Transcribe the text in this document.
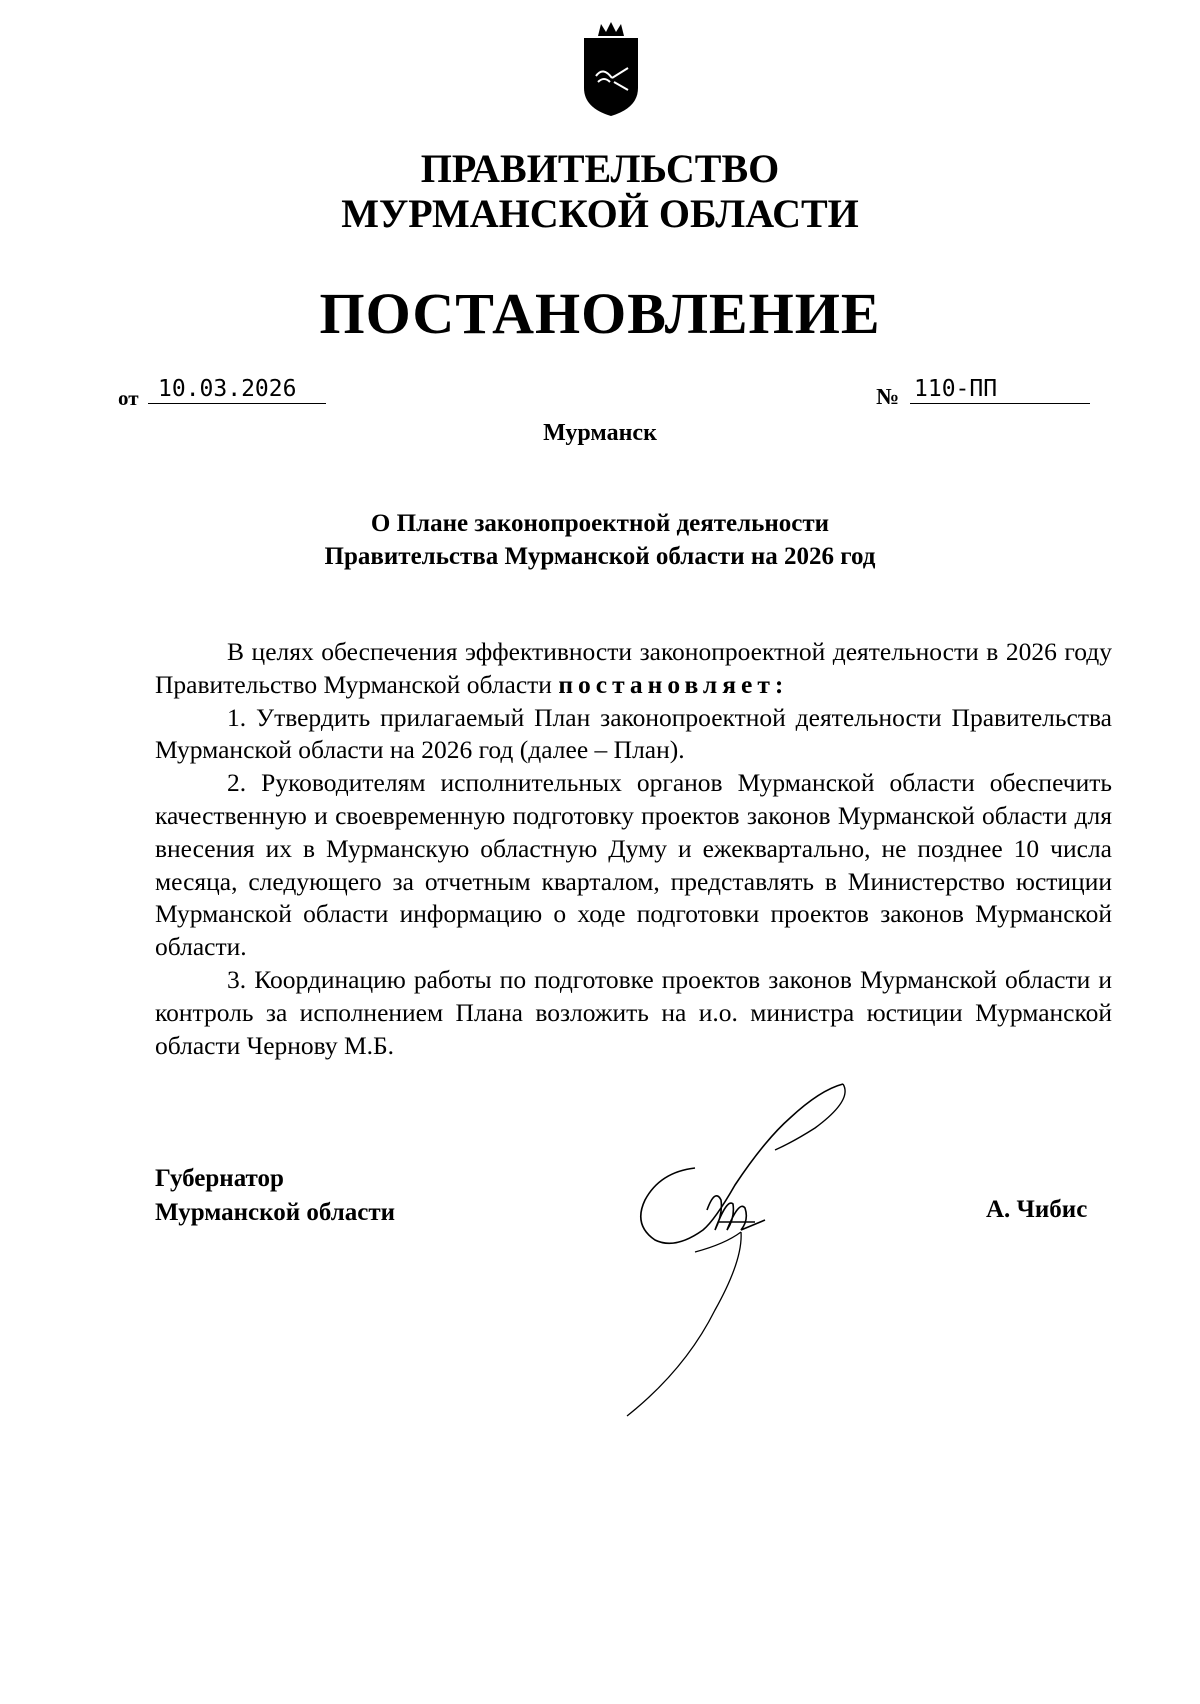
ПРАВИТЕЛЬСТВО
МУРМАНСКОЙ ОБЛАСТИ
ПОСТАНОВЛЕНИЕ
от 10.03.2026	№ 110-ПП
Мурманск
О Плане законопроектной деятельности
Правительства Мурманской области на 2026 год

В целях обеспечения эффективности законопроектной деятельности в 2026 году Правительство Мурманской области постановляет:

1. Утвердить прилагаемый План законопроектной деятельности Правительства Мурманской области на 2026 год (далее – План).

2. Руководителям исполнительных органов Мурманской области обеспечить качественную и своевременную подготовку проектов законов Мурманской области для внесения их в Мурманскую областную Думу и ежеквартально, не позднее 10 числа месяца, следующего за отчетным кварталом, представлять в Министерство юстиции Мурманской области информацию о ходе подготовки проектов законов Мурманской области.

3. Координацию работы по подготовке проектов законов Мурманской области и контроль за исполнением Плана возложить на и.о. министра юстиции Мурманской области Чернову М.Б.

Губернатор
Мурманской области	А. Чибис
